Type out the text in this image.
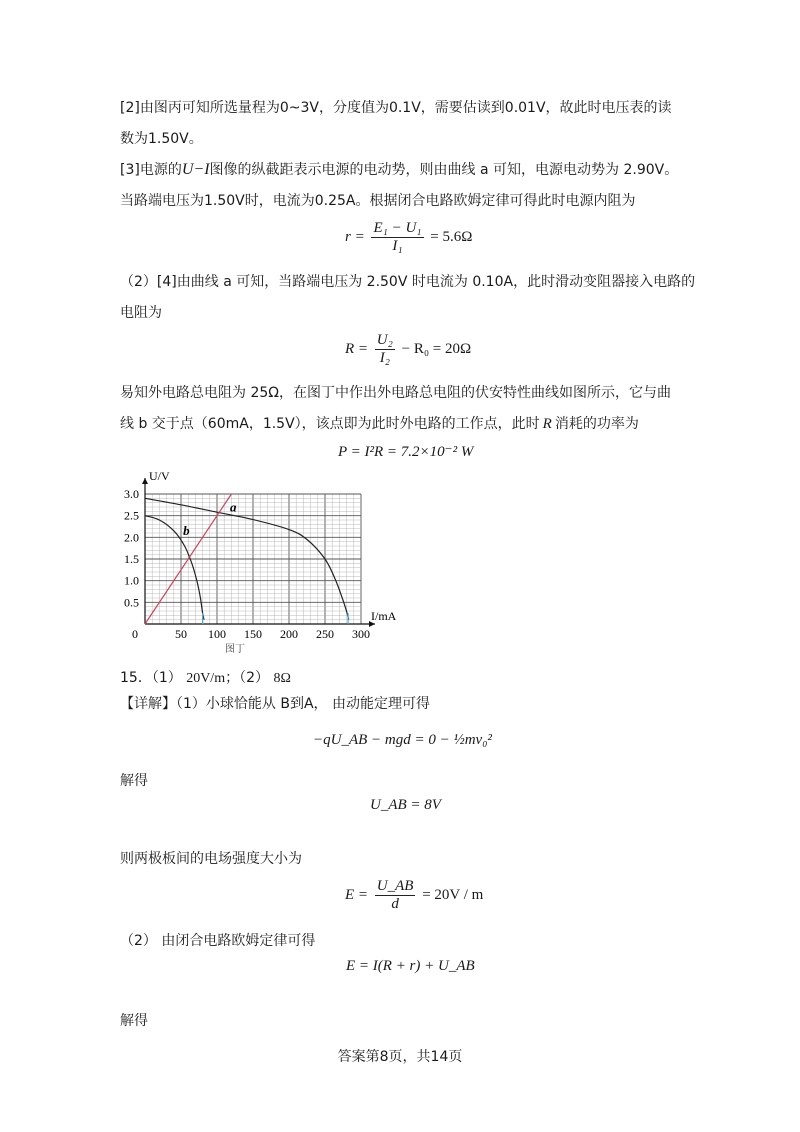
[2]由图丙可知所选量程为0~3V，分度值为0.1V，需要估读到0.01V，故此时电压表的读
数为1.50V。
[3]电源的U−I图像的纵截距表示电源的电动势，则由曲线 a 可知，电源电动势为 2.90V。
当路端电压为1.50V时，电流为0.25A。根据闭合电路欧姆定律可得此时电源内阻为
$r = \frac{\text{E₁ − U₁}}{\text{I₁}} = 5.6\Omega$
（2）[4]由曲线 a 可知，当路端电压为 2.50V 时电流为 0.10A，此时滑动变阻器接入电路的
电阻为
$R = \frac{\text{U₂}}{\text{I₂}} - R_0 = 20\Omega$
易知外电路总电阻为 25Ω，在图丁中作出外电路总电阻的伏安特性曲线如图所示，它与曲
线 b 交于点（60mA，1.5V），该点即为此时外电路的工作点，此时 R 消耗的功率为
P = I²R = 7.2×10⁻² W
0	50 100 150 200 250 300
0.5
1.0
1.5
2.0
2.5
3.0
I/mA
U/V
图丁
a
b
15．（1） 20V/m；（2） 8Ω
【详解】（1）小球恰能从 B到A， 由动能定理可得
−qU_AB − mgd = 0 − ½mv₀²
解得
U_AB = 8V
则两极板间的电场强度大小为
$E = \frac{U\_AB}{d} = 20V / m$
（2） 由闭合电路欧姆定律可得
E = I(R + r) + U_AB
解得
答案第8页，共14页
